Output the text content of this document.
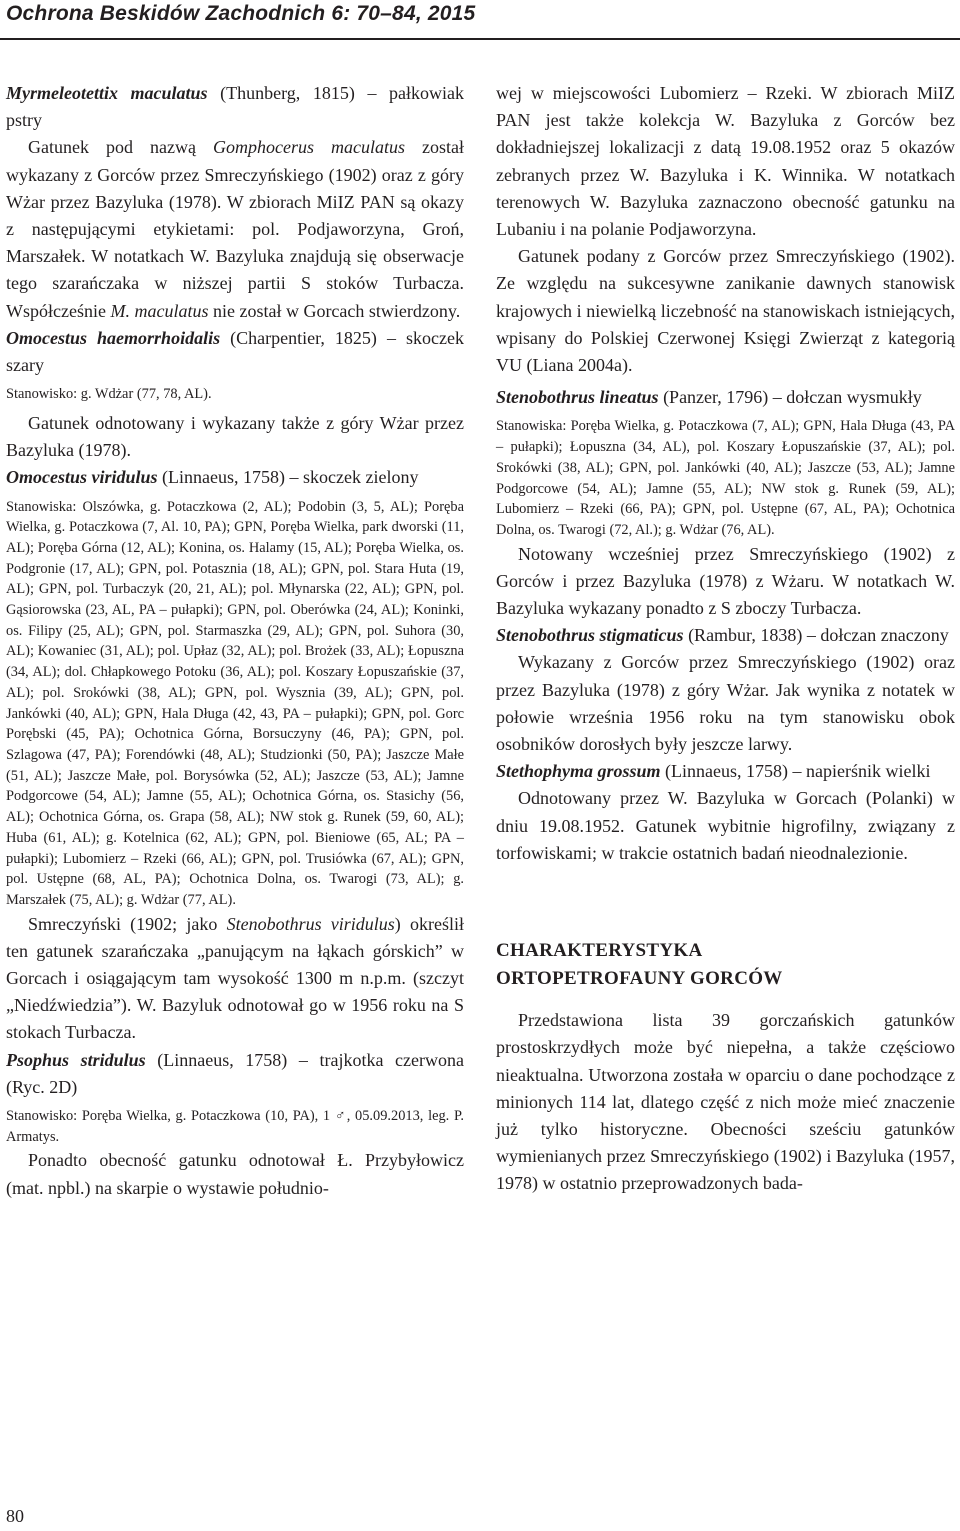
Ochrona Beskidów Zachodnich 6: 70–84, 2015

Myrmeleotettix maculatus (Thunberg, 1815) – pałkowiak pstry

Gatunek pod nazwą Gomphocerus maculatus został wykazany z Gorców przez Smreczyńskiego (1902) oraz z góry Wżar przez Bazyluka (1978). W zbiorach MiIZ PAN są okazy z następującymi etykietami: pol. Podjaworzyna, Groń, Marszałek. W notatkach W. Bazyluka znajdują się obserwacje tego szarańczaka w niższej partii S stoków Turbacza. Współcześnie M. maculatus nie został w Gorcach stwierdzony.

Omocestus haemorrhoidalis (Charpentier, 1825) – skoczek szary

Stanowisko: g. Wdżar (77, 78, AL).

Gatunek odnotowany i wykazany także z góry Wżar przez Bazyluka (1978).

Omocestus viridulus (Linnaeus, 1758) – skoczek zielony

Stanowiska: Olszówka, g. Potaczkowa (2, AL); Podobin (3, 5, AL); Poręba Wielka, g. Potaczkowa (7, Al. 10, PA); GPN, Poręba Wielka, park dworski (11, AL); Poręba Górna (12, AL); Konina, os. Halamy (15, AL); Poręba Wielka, os. Podgronie (17, AL); GPN, pol. Potasznia (18, AL); GPN, pol. Stara Huta (19, AL); GPN, pol. Turbaczyk (20, 21, AL); pol. Młynarska (22, AL); GPN, pol. Gąsiorowska (23, AL, PA – pułapki); GPN, pol. Oberówka (24, AL); Koninki, os. Filipy (25, AL); GPN, pol. Starmaszka (29, AL); GPN, pol. Suhora (30, AL); Kowaniec (31, AL); pol. Upłaz (32, AL); pol. Brożek (33, AL); Łopuszna (34, AL); dol. Chłapkowego Potoku (36, AL); pol. Koszary Łopuszańskie (37, AL); pol. Srokówki (38, AL); GPN, pol. Wysznia (39, AL); GPN, pol. Jankówki (40, AL); GPN, Hala Długa (42, 43, PA – pułapki); GPN, pol. Gorc Porębski (45, PA); Ochotnica Górna, Borsuczyny (46, PA); GPN, pol. Szlagowa (47, PA); Forendówki (48, AL); Studzionki (50, PA); Jaszcze Małe (51, AL); Jaszcze Małe, pol. Borysówka (52, AL); Jaszcze (53, AL); Jamne Podgorcowe (54, AL); Jamne (55, AL); Ochotnica Górna, os. Stasichy (56, AL); Ochotnica Górna, os. Grapa (58, AL); NW stok g. Runek (59, 60, AL); Huba (61, AL); g. Kotelnica (62, AL); GPN, pol. Bieniowe (65, AL; PA – pułapki); Lubomierz – Rzeki (66, AL); GPN, pol. Trusiówka (67, AL); GPN, pol. Ustępne (68, AL, PA); Ochotnica Dolna, os. Twarogi (73, AL); g. Marszałek (75, AL); g. Wdżar (77, AL).

Smreczyński (1902; jako Stenobothrus viridulus) określił ten gatunek szarańczaka „panującym na łąkach górskich” w Gorcach i osiągającym tam wysokość 1300 m n.p.m. (szczyt „Niedźwiedzia”). W. Bazyluk odnotował go w 1956 roku na S stokach Turbacza.

Psophus stridulus (Linnaeus, 1758) – trajkotka czerwona (Ryc. 2D)

Stanowisko: Poręba Wielka, g. Potaczkowa (10, PA), 1 ♂, 05.09.2013, leg. P. Armatys.

Ponadto obecność gatunku odnotował Ł. Przybyłowicz (mat. npbl.) na skarpie o wystawie południo-

wej w miejscowości Lubomierz – Rzeki. W zbiorach MiIZ PAN jest także kolekcja W. Bazyluka z Gorców bez dokładniejszej lokalizacji z datą 19.08.1952 oraz 5 okazów zebranych przez W. Bazyluka i K. Winnika. W notatkach terenowych W. Bazyluka zaznaczono obecność gatunku na Lubaniu i na polanie Podjaworzyna.

Gatunek podany z Gorców przez Smreczyńskiego (1902). Ze względu na sukcesywne zanikanie dawnych stanowisk krajowych i niewielką liczebność na stanowiskach istniejących, wpisany do Polskiej Czerwonej Księgi Zwierząt z kategorią VU (Liana 2004a).

Stenobothrus lineatus (Panzer, 1796) – dołczan wysmukły

Stanowiska: Poręba Wielka, g. Potaczkowa (7, AL); GPN, Hala Długa (43, PA – pułapki); Łopuszna (34, AL), pol. Koszary Łopuszańskie (37, AL); pol. Srokówki (38, AL); GPN, pol. Jankówki (40, AL); Jaszcze (53, AL); Jamne Podgorcowe (54, AL); Jamne (55, AL); NW stok g. Runek (59, AL); Lubomierz – Rzeki (66, PA); GPN, pol. Ustępne (67, AL, PA); Ochotnica Dolna, os. Twarogi (72, Al.); g. Wdżar (76, AL).

Notowany wcześniej przez Smreczyńskiego (1902) z Gorców i przez Bazyluka (1978) z Wżaru. W notatkach W. Bazyluka wykazany ponadto z S zboczy Turbacza.

Stenobothrus stigmaticus (Rambur, 1838) – dołczan znaczony

Wykazany z Gorców przez Smreczyńskiego (1902) oraz przez Bazyluka (1978) z góry Wżar. Jak wynika z notatek w połowie września 1956 roku na tym stanowisku obok osobników dorosłych były jeszcze larwy.

Stethophyma grossum (Linnaeus, 1758) – napierśnik wielki

Odnotowany przez W. Bazyluka w Gorcach (Polanki) w dniu 19.08.1952. Gatunek wybitnie higrofilny, związany z torfowiskami; w trakcie ostatnich badań nieodnalezionie.

CHARAKTERYSTYKA
ORTOPETROFAUNY GORCÓW

Przedstawiona lista 39 gorczańskich gatunków prostoskrzydłych może być niepełna, a także częściowo nieaktualna. Utworzona została w oparciu o dane pochodzące z minionych 114 lat, dlatego część z nich może mieć znaczenie już tylko historyczne. Obecności sześciu gatunków wymienianych przez Smreczyńskiego (1902) i Bazyluka (1957, 1978) w ostatnio przeprowadzonych bada-

80
